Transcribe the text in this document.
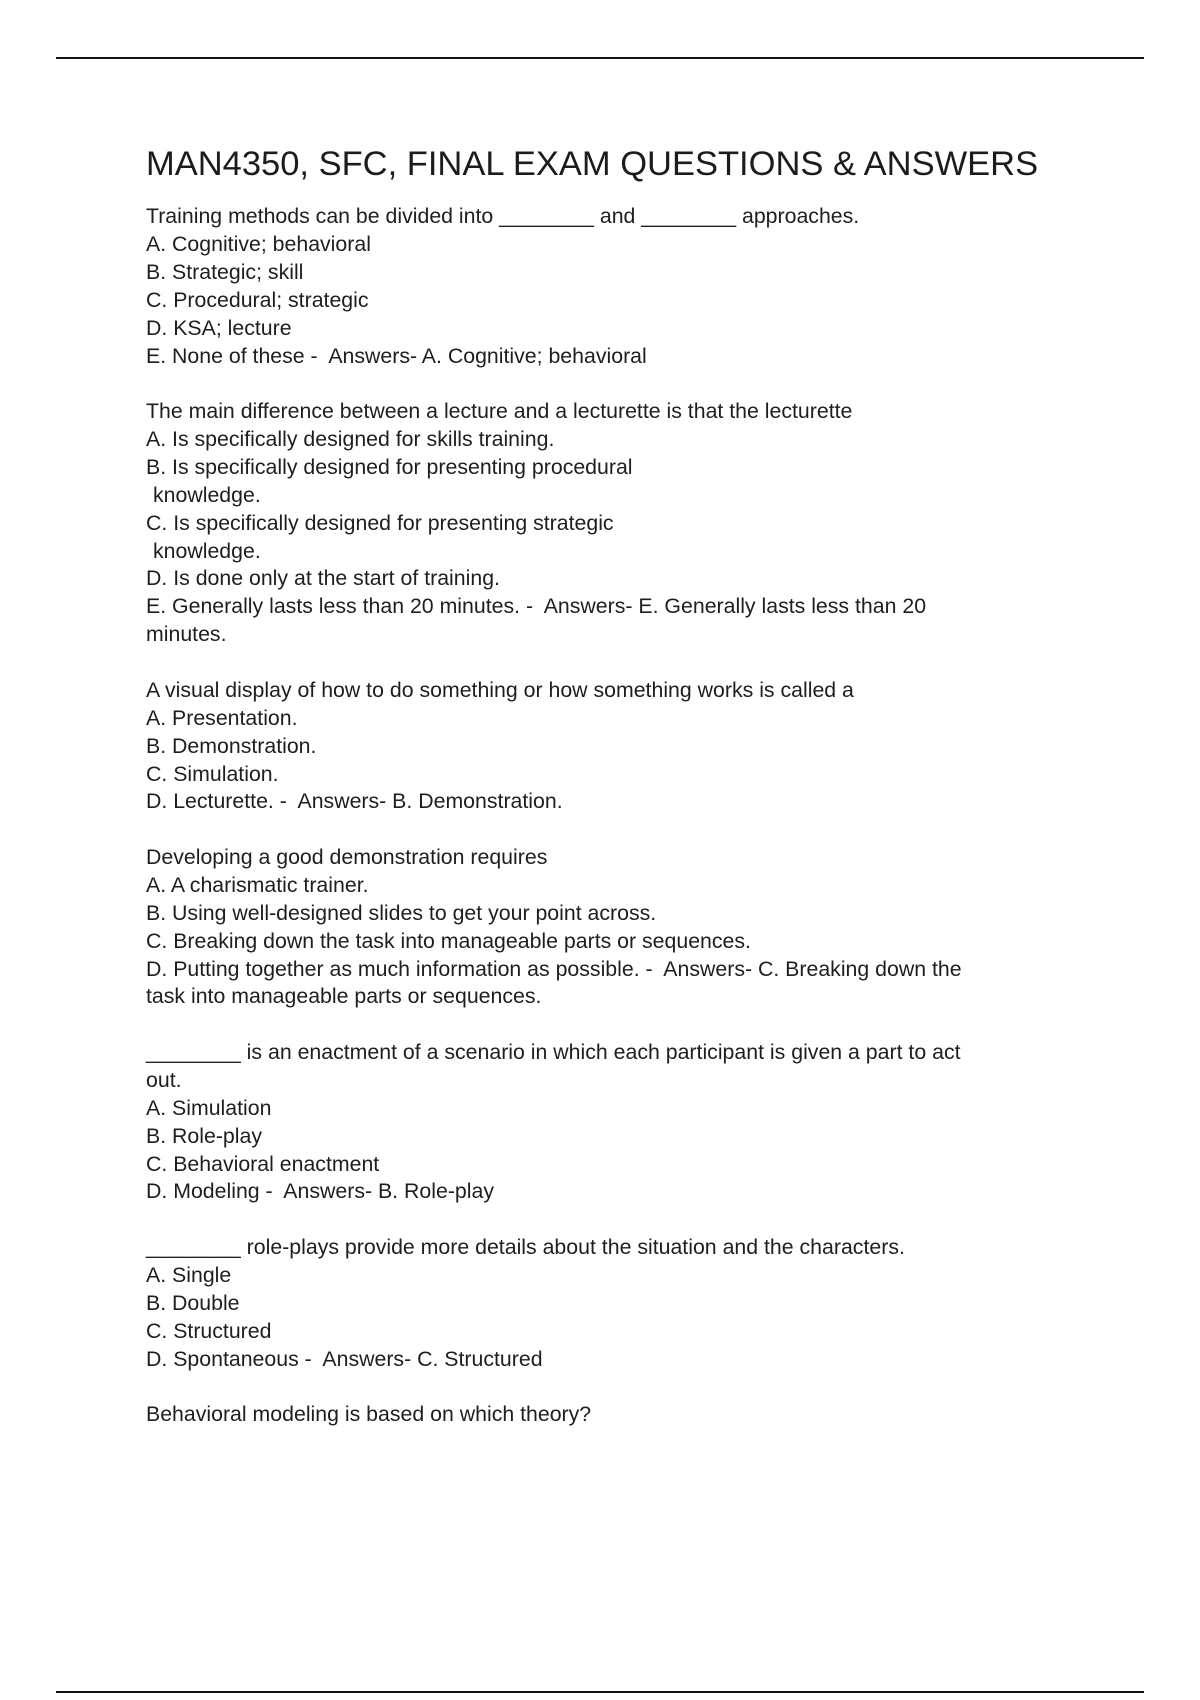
MAN4350, SFC, FINAL EXAM QUESTIONS & ANSWERS
Training methods can be divided into ________ and ________ approaches.
A. Cognitive; behavioral
B. Strategic; skill
C. Procedural; strategic
D. KSA; lecture
E. None of these -  Answers- A. Cognitive; behavioral
The main difference between a lecture and a lecturette is that the lecturette
A. Is specifically designed for skills training.
B. Is specifically designed for presenting procedural
knowledge.
C. Is specifically designed for presenting strategic
knowledge.
D. Is done only at the start of training.
E. Generally lasts less than 20 minutes. -  Answers- E. Generally lasts less than 20
minutes.
A visual display of how to do something or how something works is called a
A. Presentation.
B. Demonstration.
C. Simulation.
D. Lecturette. -  Answers- B. Demonstration.
Developing a good demonstration requires
A. A charismatic trainer.
B. Using well-designed slides to get your point across.
C. Breaking down the task into manageable parts or sequences.
D. Putting together as much information as possible. -  Answers- C. Breaking down the
task into manageable parts or sequences.
________ is an enactment of a scenario in which each participant is given a part to act
out.
A. Simulation
B. Role-play
C. Behavioral enactment
D. Modeling -  Answers- B. Role-play
________ role-plays provide more details about the situation and the characters.
A. Single
B. Double
C. Structured
D. Spontaneous -  Answers- C. Structured
Behavioral modeling is based on which theory?
